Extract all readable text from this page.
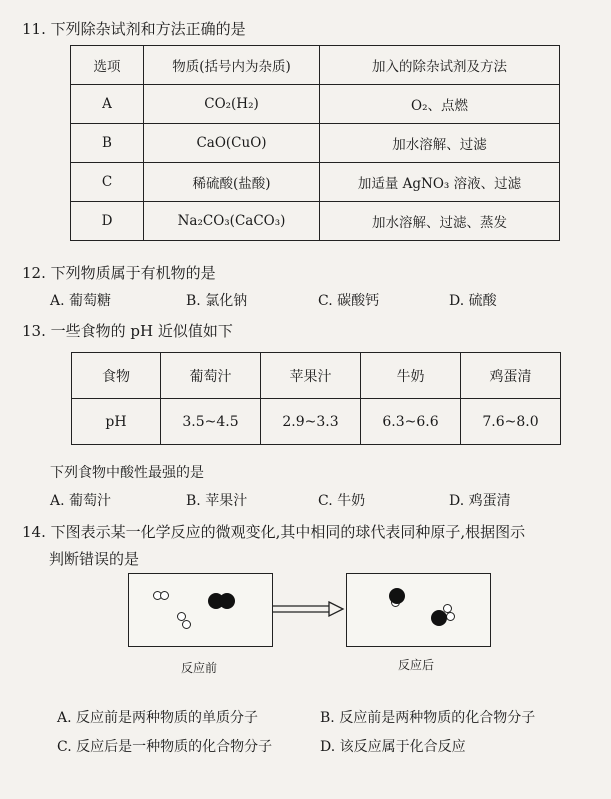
11. 下列除杂试剂和方法正确的是
选项	物质(括号内为杂质)	加入的除杂试剂及方法
A	CO₂(H₂)	O₂、点燃
B	CaO(CuO)	加水溶解、过滤
C	稀硫酸(盐酸)	加适量 AgNO₃ 溶液、过滤
D	Na₂CO₃(CaCO₃)	加水溶解、过滤、蒸发
12. 下列物质属于有机物的是
A. 葡萄糖	B. 氯化钠	C. 碳酸钙	D. 硫酸
13. 一些食物的 pH 近似值如下
食物	葡萄汁	苹果汁	牛奶	鸡蛋清
pH	3.5~4.5	2.9~3.3	6.3~6.6	7.6~8.0
下列食物中酸性最强的是
A. 葡萄汁	B. 苹果汁	C. 牛奶	D. 鸡蛋清
14. 下图表示某一化学反应的微观变化,其中相同的球代表同种原子,根据图示
判断错误的是
反应前	反应后
A. 反应前是两种物质的单质分子	B. 反应前是两种物质的化合物分子
C. 反应后是一种物质的化合物分子	D. 该反应属于化合反应
